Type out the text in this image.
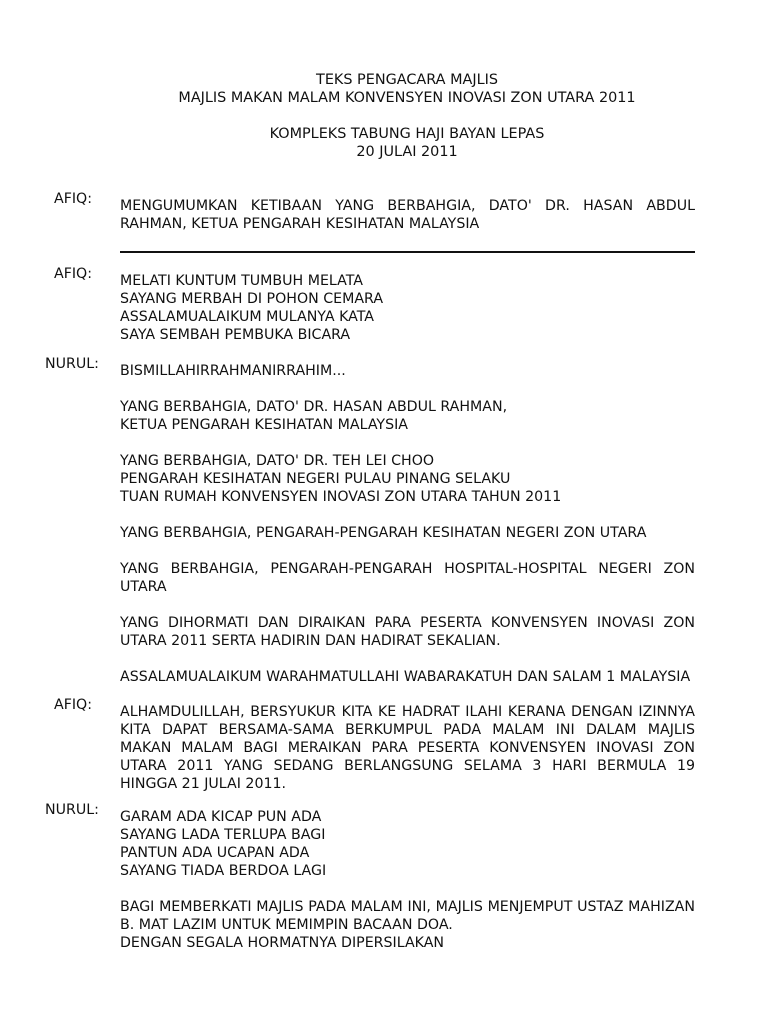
TEKS PENGACARA MAJLIS
MAJLIS MAKAN MALAM KONVENSYEN INOVASI ZON UTARA 2011
KOMPLEKS TABUNG HAJI BAYAN LEPAS
20 JULAI 2011
AFIQ: MENGUMUMKAN KETIBAAN YANG BERBAHGIA, DATO' DR. HASAN ABDUL RAHMAN, KETUA PENGARAH KESIHATAN MALAYSIA

AFIQ: MELATI KUNTUM TUMBUH MELATA
SAYANG MERBAH DI POHON CEMARA
ASSALAMUALAIKUM MULANYA KATA
SAYA SEMBAH PEMBUKA BICARA

NURUL: BISMILLAHIRRAHMANIRRAHIM...

YANG BERBAHGIA, DATO' DR. HASAN ABDUL RAHMAN,
KETUA PENGARAH KESIHATAN MALAYSIA

YANG BERBAHGIA, DATO' DR. TEH LEI CHOO
PENGARAH KESIHATAN NEGERI PULAU PINANG SELAKU
TUAN RUMAH KONVENSYEN INOVASI ZON UTARA TAHUN 2011

YANG BERBAHGIA, PENGARAH-PENGARAH KESIHATAN NEGERI ZON UTARA

YANG BERBAHGIA, PENGARAH-PENGARAH HOSPITAL-HOSPITAL NEGERI ZON UTARA

YANG DIHORMATI DAN DIRAIKAN PARA PESERTA KONVENSYEN INOVASI ZON UTARA 2011 SERTA HADIRIN DAN HADIRAT SEKALIAN.

ASSALAMUALAIKUM WARAHMATULLAHI WABARAKATUH DAN SALAM 1 MALAYSIA

AFIQ: ALHAMDULILLAH, BERSYUKUR KITA KE HADRAT ILAHI KERANA DENGAN IZINNYA KITA DAPAT BERSAMA-SAMA BERKUMPUL PADA MALAM INI DALAM MAJLIS MAKAN MALAM BAGI MERAIKAN PARA PESERTA KONVENSYEN INOVASI ZON UTARA 2011 YANG SEDANG BERLANGSUNG SELAMA 3 HARI BERMULA 19 HINGGA 21 JULAI 2011.

NURUL: GARAM ADA KICAP PUN ADA
SAYANG LADA TERLUPA BAGI
PANTUN ADA UCAPAN ADA
SAYANG TIADA BERDOA LAGI

BAGI MEMBERKATI MAJLIS PADA MALAM INI, MAJLIS MENJEMPUT USTAZ MAHIZAN B. MAT LAZIM UNTUK MEMIMPIN BACAAN DOA.

DENGAN SEGALA HORMATNYA DIPERSILAKAN
